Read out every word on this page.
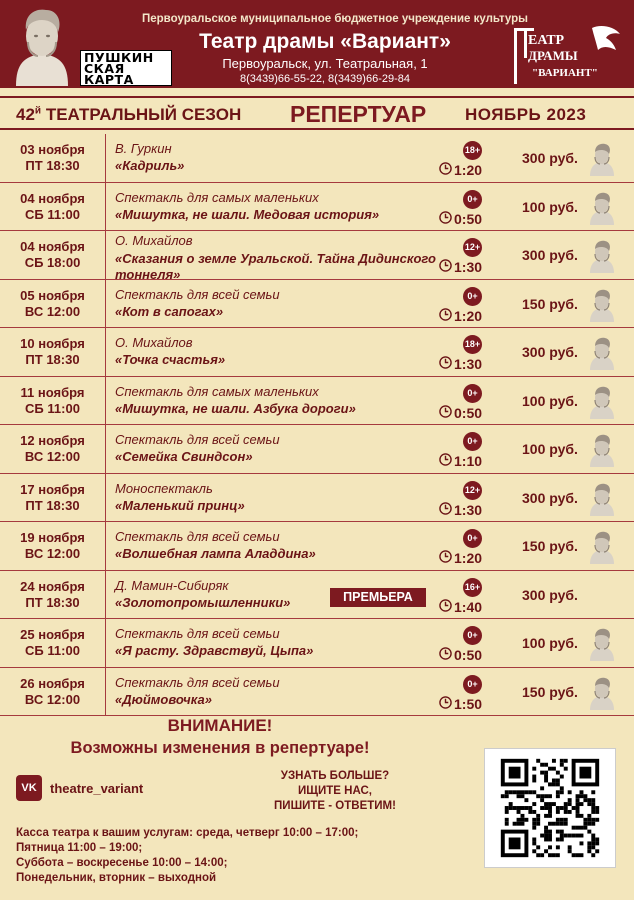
ПУШКИН
СКАЯ
КАРТА
Первоуральское муниципальное бюджетное учреждение культуры
Театр драмы «Вариант»
Первоуральск, ул. Театральная, 1
8(3439)66-55-22, 8(3439)66-29-84
ЕАТР
ДРАМЫ
"ВАРИАНТ"
$42^й$ ТЕАТРАЛЬНЫЙ СЕЗОН РЕПЕРТУАР НОЯБРЬ 2023
03 ноября
ПТ 18:30
В. Гуркин
«Кадриль»
18+
1:20
300 руб.
04 ноября
СБ 11:00
Спектакль для самых маленьких
«Мишутка, не шали. Медовая история»
0+
0:50
100 руб.
04 ноября
СБ 18:00
О. Михайлов
«Сказания о земле Уральской. Тайна Дидинского тоннеля»
12+
1:30
300 руб.
05 ноября
ВС 12:00
Спектакль для всей семьи
«Кот в сапогах»
0+
1:20
150 руб.
10 ноября
ПТ 18:30
О. Михайлов
«Точка счастья»
18+
1:30
300 руб.
11 ноября
СБ 11:00
Спектакль для самых маленьких
«Мишутка, не шали. Азбука дороги»
0+
0:50
100 руб.
12 ноября
ВС 12:00
Спектакль для всей семьи
«Семейка Свиндсон»
0+
1:10
100 руб.
17 ноября
ПТ 18:30
Моноспектакль
«Маленький принц»
12+
1:30
300 руб.
19 ноября
ВС 12:00
Спектакль для всей семьи
«Волшебная лампа Аладдина»
0+
1:20
150 руб.
24 ноября
ПТ 18:30
Д. Мамин-Сибиряк
«Золотопромышленники»	ПРЕМЬЕРА
16+
1:40
300 руб.
25 ноября
СБ 11:00
Спектакль для всей семьи
«Я расту. Здравствуй, Цыпа»
0+
0:50
100 руб.
26 ноября
ВС 12:00
Спектакль для всей семьи
«Дюймовочка»
0+
1:50
150 руб.
ВНИМАНИЕ!
Возможны изменения в репертуаре!
VK	theatre_variant
УЗНАТЬ БОЛЬШЕ?
ИЩИТЕ НАС,
ПИШИТЕ - ОТВЕТИМ!
Касса театра к вашим услугам: среда, четверг 10:00 – 17:00;
Пятница 11:00 – 19:00;
Суббота – воскресенье 10:00 – 14:00;
Понедельник, вторник – выходной
